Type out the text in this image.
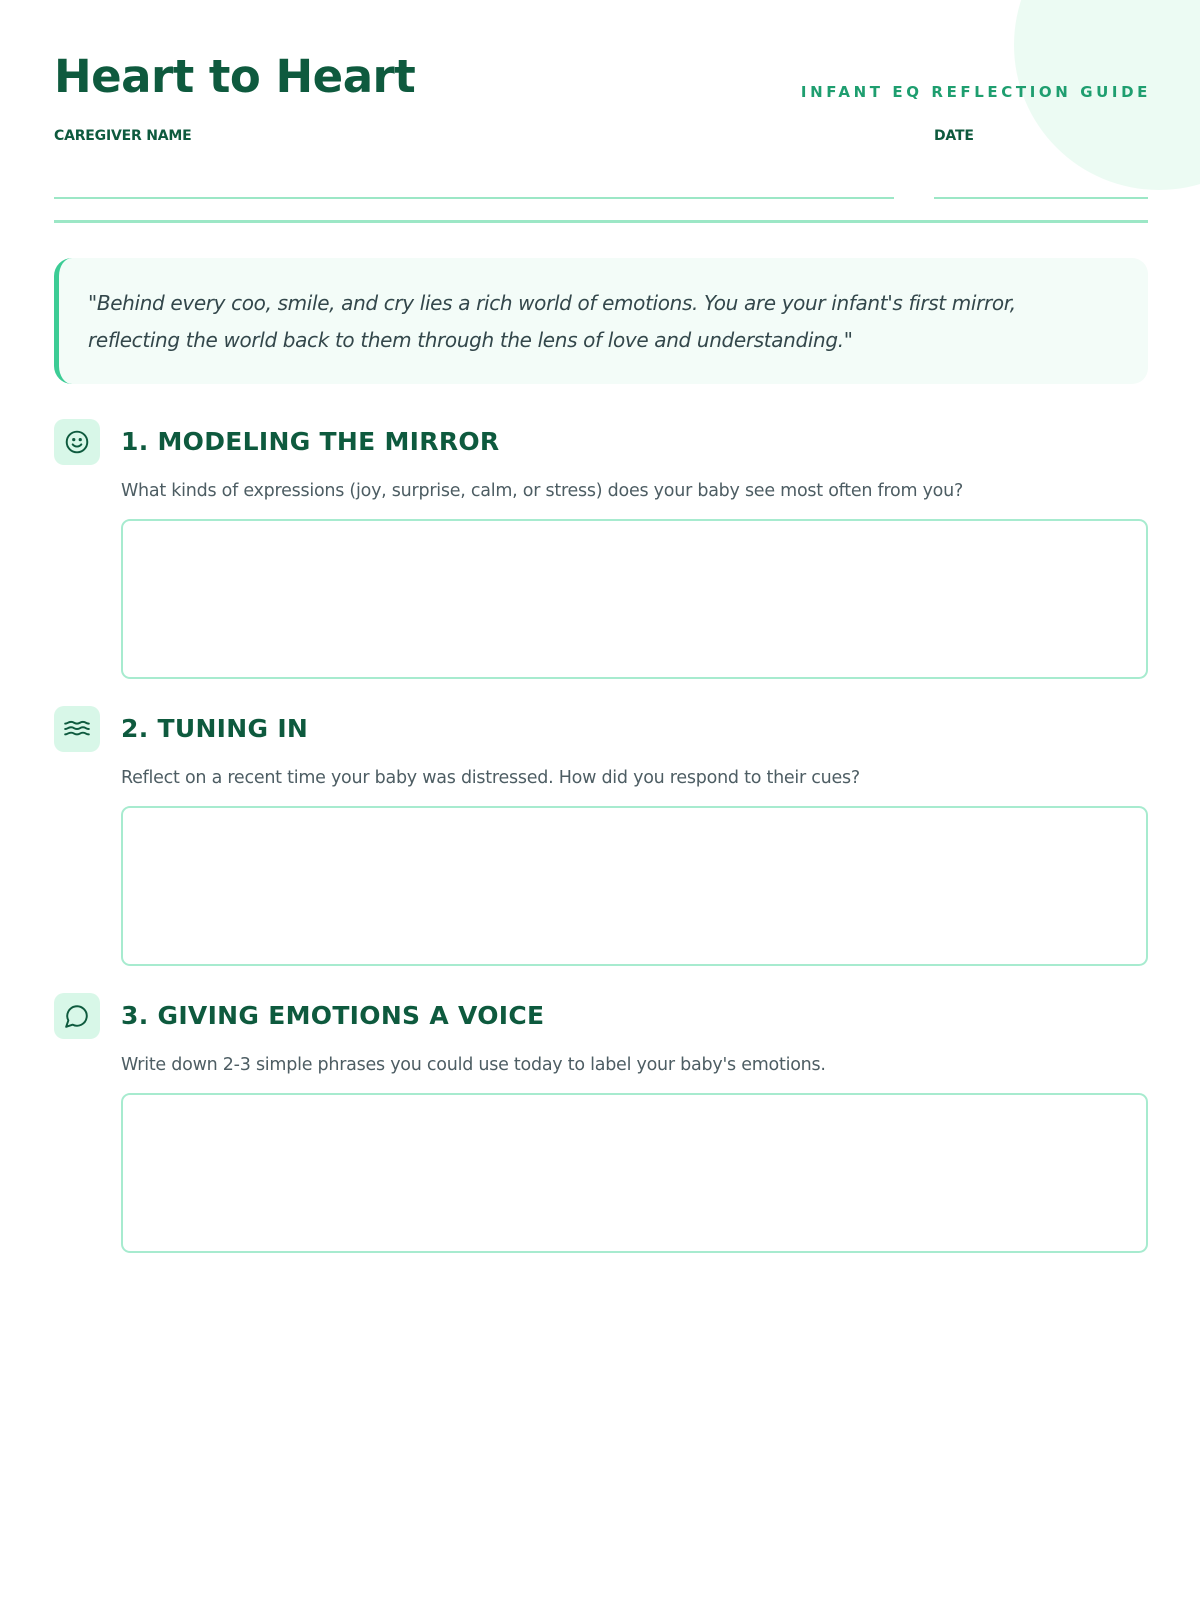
Heart to Heart	INFANT EQ REFLECTION GUIDE
CAREGIVER NAME	DATE

"Behind every coo, smile, and cry lies a rich world of emotions. You are your infant's first mirror, reflecting the world back to them through the lens of love and understanding."

1. MODELING THE MIRROR

What kinds of expressions (joy, surprise, calm, or stress) does your baby see most often from you?

2. TUNING IN

Reflect on a recent time your baby was distressed. How did you respond to their cues?

3. GIVING EMOTIONS A VOICE

Write down 2-3 simple phrases you could use today to label your baby's emotions.
